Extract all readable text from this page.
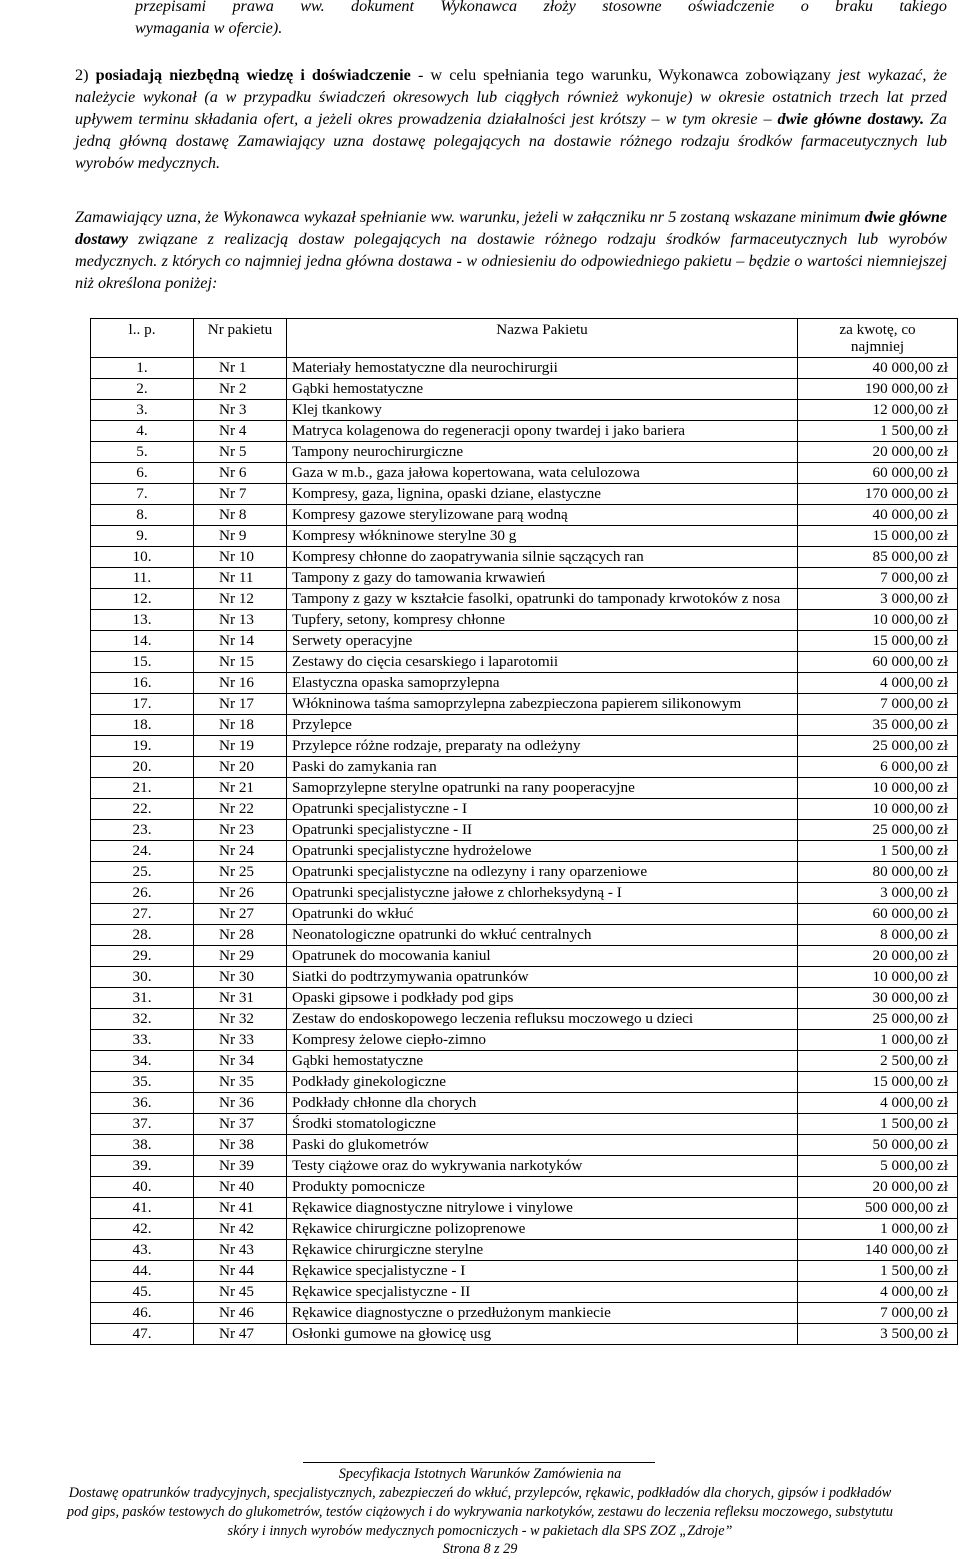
przepisami prawa ww. dokument Wykonawca złoży stosowne oświadczenie o braku takiego
wymagania w ofercie).
2) posiadają niezbędną wiedzę i doświadczenie - w celu spełniania tego warunku, Wykonawca zobowiązany jest wykazać, że należycie wykonał (a w przypadku świadczeń okresowych lub ciągłych również wykonuje) w okresie ostatnich trzech lat przed upływem terminu składania ofert, a jeżeli okres prowadzenia działalności jest krótszy – w tym okresie – dwie główne dostawy. Za jedną główną dostawę Zamawiający uzna dostawę polegających na dostawie różnego rodzaju środków farmaceutycznych lub wyrobów medycznych.
Zamawiający uzna, że Wykonawca wykazał spełnianie ww. warunku, jeżeli w załączniku nr 5 zostaną wskazane minimum dwie główne dostawy związane z realizacją dostaw polegających na dostawie różnego rodzaju środków farmaceutycznych lub wyrobów medycznych. z których co najmniej jedna główna dostawa - w odniesieniu do odpowiedniego pakietu – będzie o wartości niemniejszej niż określona poniżej:
l.. p.	Nr pakietu	Nazwa Pakietu	za kwotę, co
najmniej

1.	Nr 1	Materiały hemostatyczne dla neurochirurgii	40 000,00 zł
2.	Nr 2	Gąbki hemostatyczne	190 000,00 zł
3.	Nr 3	Klej tkankowy	12 000,00 zł
4.	Nr 4	Matryca kolagenowa do regeneracji opony twardej i jako bariera	1 500,00 zł
5.	Nr 5	Tampony neurochirurgiczne	20 000,00 zł
6.	Nr 6	Gaza w m.b., gaza jałowa kopertowana, wata celulozowa	60 000,00 zł
7.	Nr 7	Kompresy, gaza, lignina, opaski dziane, elastyczne	170 000,00 zł
8.	Nr 8	Kompresy gazowe sterylizowane parą wodną	40 000,00 zł
9.	Nr 9	Kompresy włókninowe sterylne 30 g	15 000,00 zł
10.	Nr 10	Kompresy chłonne do zaopatrywania silnie sączących ran	85 000,00 zł
11.	Nr 11	Tampony z gazy do tamowania krwawień	7 000,00 zł
12.	Nr 12	Tampony z gazy w kształcie fasolki, opatrunki do tamponady krwotoków z nosa	3 000,00 zł
13.	Nr 13	Tupfery, setony, kompresy chłonne	10 000,00 zł
14.	Nr 14	Serwety operacyjne	15 000,00 zł
15.	Nr 15	Zestawy do cięcia cesarskiego i laparotomii	60 000,00 zł
16.	Nr 16	Elastyczna opaska samoprzylepna	4 000,00 zł
17.	Nr 17	Włókninowa taśma samoprzylepna zabezpieczona papierem silikonowym	7 000,00 zł
18.	Nr 18	Przylepce	35 000,00 zł
19.	Nr 19	Przylepce różne rodzaje, preparaty na odleżyny	25 000,00 zł
20.	Nr 20	Paski do zamykania ran	6 000,00 zł
21.	Nr 21	Samoprzylepne sterylne opatrunki na rany pooperacyjne	10 000,00 zł
22.	Nr 22	Opatrunki specjalistyczne - I	10 000,00 zł
23.	Nr 23	Opatrunki specjalistyczne - II	25 000,00 zł
24.	Nr 24	Opatrunki specjalistyczne hydrożelowe	1 500,00 zł
25.	Nr 25	Opatrunki specjalistyczne na odlezyny i rany oparzeniowe	80 000,00 zł
26.	Nr 26	Opatrunki specjalistyczne jałowe z chlorheksydyną - I	3 000,00 zł
27.	Nr 27	Opatrunki do wkłuć	60 000,00 zł
28.	Nr 28	Neonatologiczne opatrunki do wkłuć centralnych	8 000,00 zł
29.	Nr 29	Opatrunek do mocowania kaniul	20 000,00 zł
30.	Nr 30	Siatki do podtrzymywania opatrunków	10 000,00 zł
31.	Nr 31	Opaski gipsowe i podkłady pod gips	30 000,00 zł
32.	Nr 32	Zestaw do endoskopowego leczenia refluksu moczowego u dzieci	25 000,00 zł
33.	Nr 33	Kompresy żelowe ciepło-zimno	1 000,00 zł
34.	Nr 34	Gąbki hemostatyczne	2 500,00 zł
35.	Nr 35	Podkłady ginekologiczne	15 000,00 zł
36.	Nr 36	Podkłady chłonne dla chorych	4 000,00 zł
37.	Nr 37	Środki stomatologiczne	1 500,00 zł
38.	Nr 38	Paski do glukometrów	50 000,00 zł
39.	Nr 39	Testy ciążowe oraz do wykrywania narkotyków	5 000,00 zł
40.	Nr 40	Produkty pomocnicze	20 000,00 zł
41.	Nr 41	Rękawice diagnostyczne nitrylowe i vinylowe	500 000,00 zł
42.	Nr 42	Rękawice chirurgiczne polizoprenowe	1 000,00 zł
43.	Nr 43	Rękawice chirurgiczne sterylne	140 000,00 zł
44.	Nr 44	Rękawice specjalistyczne - I	1 500,00 zł
45.	Nr 45	Rękawice specjalistyczne - II	4 000,00 zł
46.	Nr 46	Rękawice diagnostyczne o przedłużonym mankiecie	7 000,00 zł
47.	Nr 47	Osłonki gumowe na głowicę usg	3 500,00 zł
Specyfikacja Istotnych Warunków Zamówienia na
Dostawę opatrunków tradycyjnych, specjalistycznych, zabezpieczeń do wkłuć, przylepców, rękawic, podkładów dla chorych, gipsów i podkładów
pod gips, pasków testowych do glukometrów, testów ciążowych i do wykrywania narkotyków, zestawu do leczenia refleksu moczowego, substytutu
skóry i innych wyrobów medycznych pomocniczych - w pakietach dla SPS ZOZ „Zdroje”
Strona 8 z 29
